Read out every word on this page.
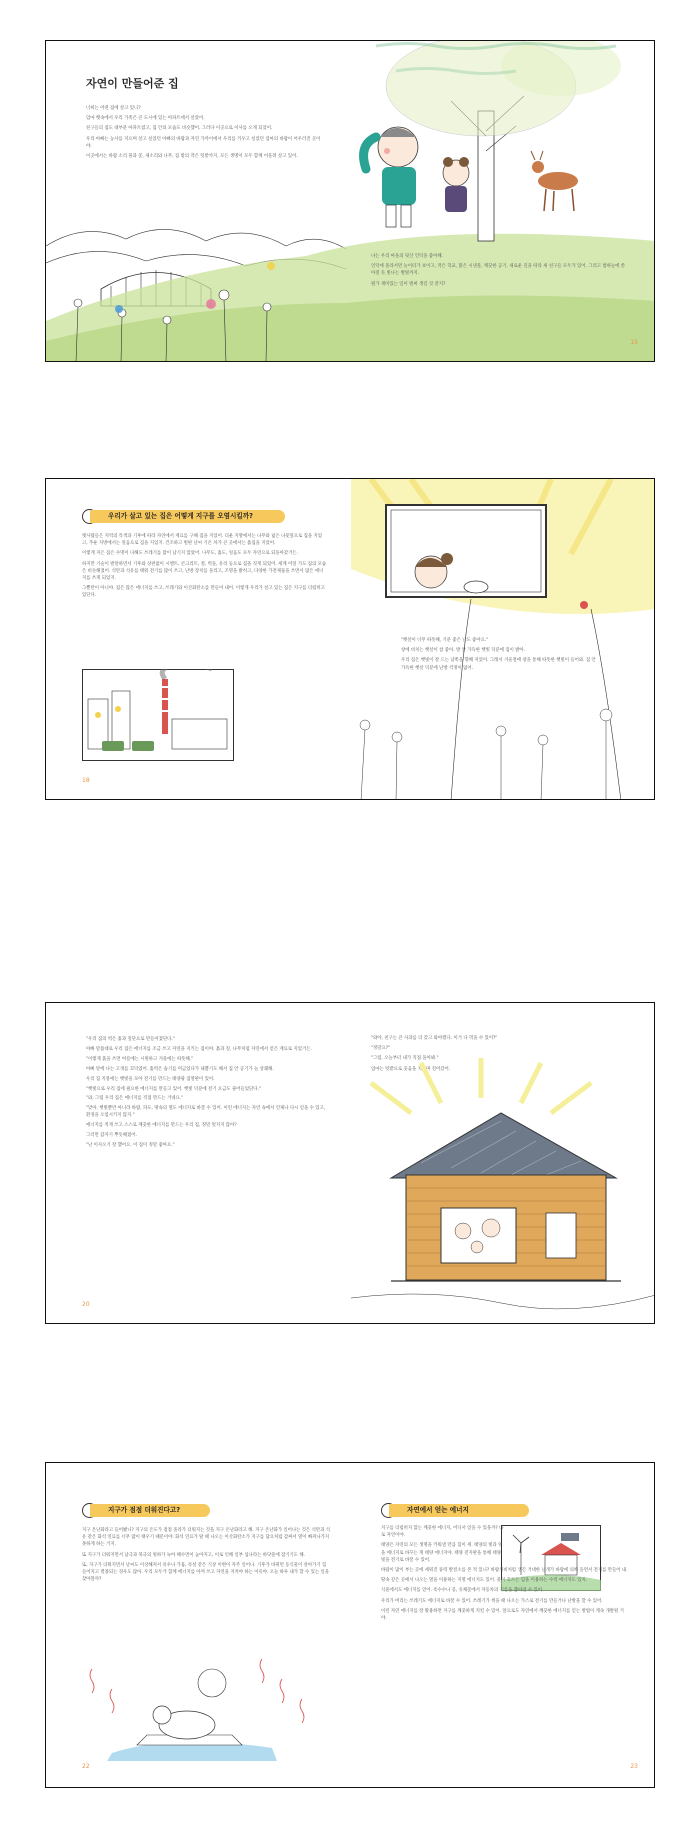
자연이 만들어준 집

너희는 어떤 집에 살고 있니?

엄마 뱃속에서 우리 가족은 큰 도시에 있는 아파트에서 살았어.

친구들의 집도 대부분 아파트였고, 집 안의 모습도 비슷했어. 그러다 이곳으로 이사를 오게 되었어.

우리 아빠는 농사를 지으며 살고 싶었던 아빠의 바람과 자연 가까이에서 우리를 키우고 싶었던 엄마의 바람이 어우러진 곳이야.

이곳에서는 바람 소리 풀과 꽃, 새소리와 나무, 집 밖의 작은 텃밭까지, 모든 생명이 모두 함께 어울려 살고 있어.

나는 우리 마을의 뒷산 언덕을 좋아해.

언덕에 올라서면 놀이터가 보이고, 작은 학교, 맑은 시냇물, 깨끗한 공기, 새로운 길을 따라 새 친구들 모두가 있어. 그리고 밤하늘에 쏟아질 듯 빛나는 별빛까지.

뭔가 재미있는 일이 벌써 생길 것 같지?

15
우리가 살고 있는 집은 어떻게 지구를 오염시킬까?

옛사람들은 지역의 특색과 기후에 따라 자연에서 재료를 구해 집을 지었어. 더운 지방에서는 나무와 넓은 나뭇잎으로 집을 지었고, 추운 지방에서는 얼음으로 집을 지었지. 건조하고 벌판 날씨 기온 차가 큰 곳에서는 흙집을 지었어.

이렇게 지은 집은 수명이 다해도 쓰레기를 많이 남기지 않았어. 나무도, 흙도, 얼음도 모두 자연으로 되돌아갔거든.

하지만 기술이 발달하면서 기후와 상관없이 시멘트, 콘크리트, 철, 벽돌, 유리 등으로 집을 짓게 되었어. 세계 어딜 가도 집의 모습은 비슷해졌어. 석탄과 석유를 태워 전기를 많이 쓰고, 난방 장치를 돌리고, 조명을 밝히고, 다양한 가전제품을 쓰면서 많은 에너지를 쓰게 되었지.

그뿐만이 아니야. 집은 많은 에너지를 쓰고, 쓰레기와 이산화탄소를 만들어 내어. 이렇게 우리가 살고 있는 집은 지구를 더럽히고 있단다.

18

"햇살이 너무 따뜻해, 기분 좋은 날도 좋아요."

창에 비치는 햇살이 참 좋아. 방 안 가득한 햇빛 덕분에 집이 밝아.

우리 집은 햇빛이 잘 드는 남쪽을 향해 지었어. 그래서 겨울철에 창을 통해 따뜻한 햇빛이 들어와. 집 안 가득한 햇살 덕분에 난방 걱정이 없어.

"우리 집의 벽은 흙과 짚단으로 만들어졌단다."

아빠 말씀대로 우리 집은 에너지를 조금 쓰고 자연을 지키는 집이야. 흙과 짚, 나무처럼 자연에서 얻은 재료로 지었거든.

"이렇게 흙을 쓰면 여름에는 시원하고 겨울에는 따뜻해."

아빠 말에 나는 고개를 끄덕였어. 흙벽은 습기를 머금었다가 내뿜기도 해서 집 안 공기가 늘 상쾌해.

우리 집 지붕에는 햇빛을 모아 전기를 만드는 태양광 집열판이 있어.

"햇빛으로 우리 집에 필요한 에너지를 만들고 있어. 햇빛 덕분에 전기 요금도 줄어들었단다."

"와, 그럼 우리 집은 에너지를 직접 만드는 거네요."

"맞아, 햇빛뿐만 아니라 바람, 파도, 땅속의 열도 에너지로 바꿀 수 있어. 이런 에너지는 자연 속에서 언제나 다시 얻을 수 있고, 환경을 오염시키지 않지."

에너지를 적게 쓰고 스스로 깨끗한 에너지를 만드는 우리 집, 정말 멋지지 않아?

그러면 갑자기 뿌듯해졌어.

"난 이사오기 잘 했어요. 이 집이 정말 좋아요."

20

"와아, 친구는 큰 사과를 더 갖고 와야겠다. 이거 다 먹을 수 있어?"

"정말요?"

"그럼, 오늘부터 내가 직접 돌아봐."

엄마는 텃밭으로 웃음을 지으며 걸어갔어.

지구가 점점 더워진다고?

지구 온난화라고 들어봤니? 지구의 온도가 점점 올라가 더워지는 것을 지구 온난화라고 해. 지구 온난화가 일어나는 것은 석탄과 석유 같은 화석 연료를 너무 많이 태우기 때문이야. 화석 연료가 탈 때 나오는 이산화탄소가 지구를 담요처럼 감싸서 열이 빠져나가지 못하게 하는 거지.

또 지구가 더워지면서 남극과 북극의 빙하가 녹아 해수면이 높아지고, 이로 인해 일부 섬나라는 바닷물에 잠기기도 해.

또, 지구가 더워지면서 날씨도 이상해져서 폭우나 가뭄, 폭설 같은 기상 이변이 자주 일어나. 기후가 바뀌면 동식물이 살아가기 힘들어지고 멸종되는 경우도 많아. 우리 모두가 함께 에너지를 아껴 쓰고 자연을 지켜야 하는 이유야. 오늘 하루 내가 할 수 있는 일을 찾아볼까?

22
자연에서 얻는 에너지

지구를 더럽히지 않는 깨끗한 에너지, 어디서 얻을 수 있을까? 바로 자연이야.

태양은 자연의 모든 생명을 키워낼 만큼 힘이 세. 태양의 빛과 열을 에너지로 바꾸는 게 태양 에너지야. 태양 전지판을 통해 태양 빛을 전기로 바꿀 수 있어.

바람이 많이 부는 곳에 세워진 풍력 발전소를 본 적 있니? 바람개비처럼 생긴 거대한 날개가 바람에 의해 돌면서 전기를 만들어 내.

땅속 깊은 곳에서 나오는 열을 이용하는 지열 에너지도 있어. 물이 흐르는 힘을 이용하는 수력 에너지도 있지.

식물에서도 에너지를 얻어. 옥수수나 콩, 유채꽃에서 자동차의 기름을 뽑아낼 수 있어.

우리가 버리는 쓰레기도 에너지로 바꿀 수 있어. 쓰레기가 썩을 때 나오는 가스로 전기를 만들거나 난방을 할 수 있어.

이런 자연 에너지를 잘 활용하면 지구를 깨끗하게 지킬 수 있어. 앞으로도 자연에서 깨끗한 에너지를 얻는 방법이 계속 개발될 거야.

23
